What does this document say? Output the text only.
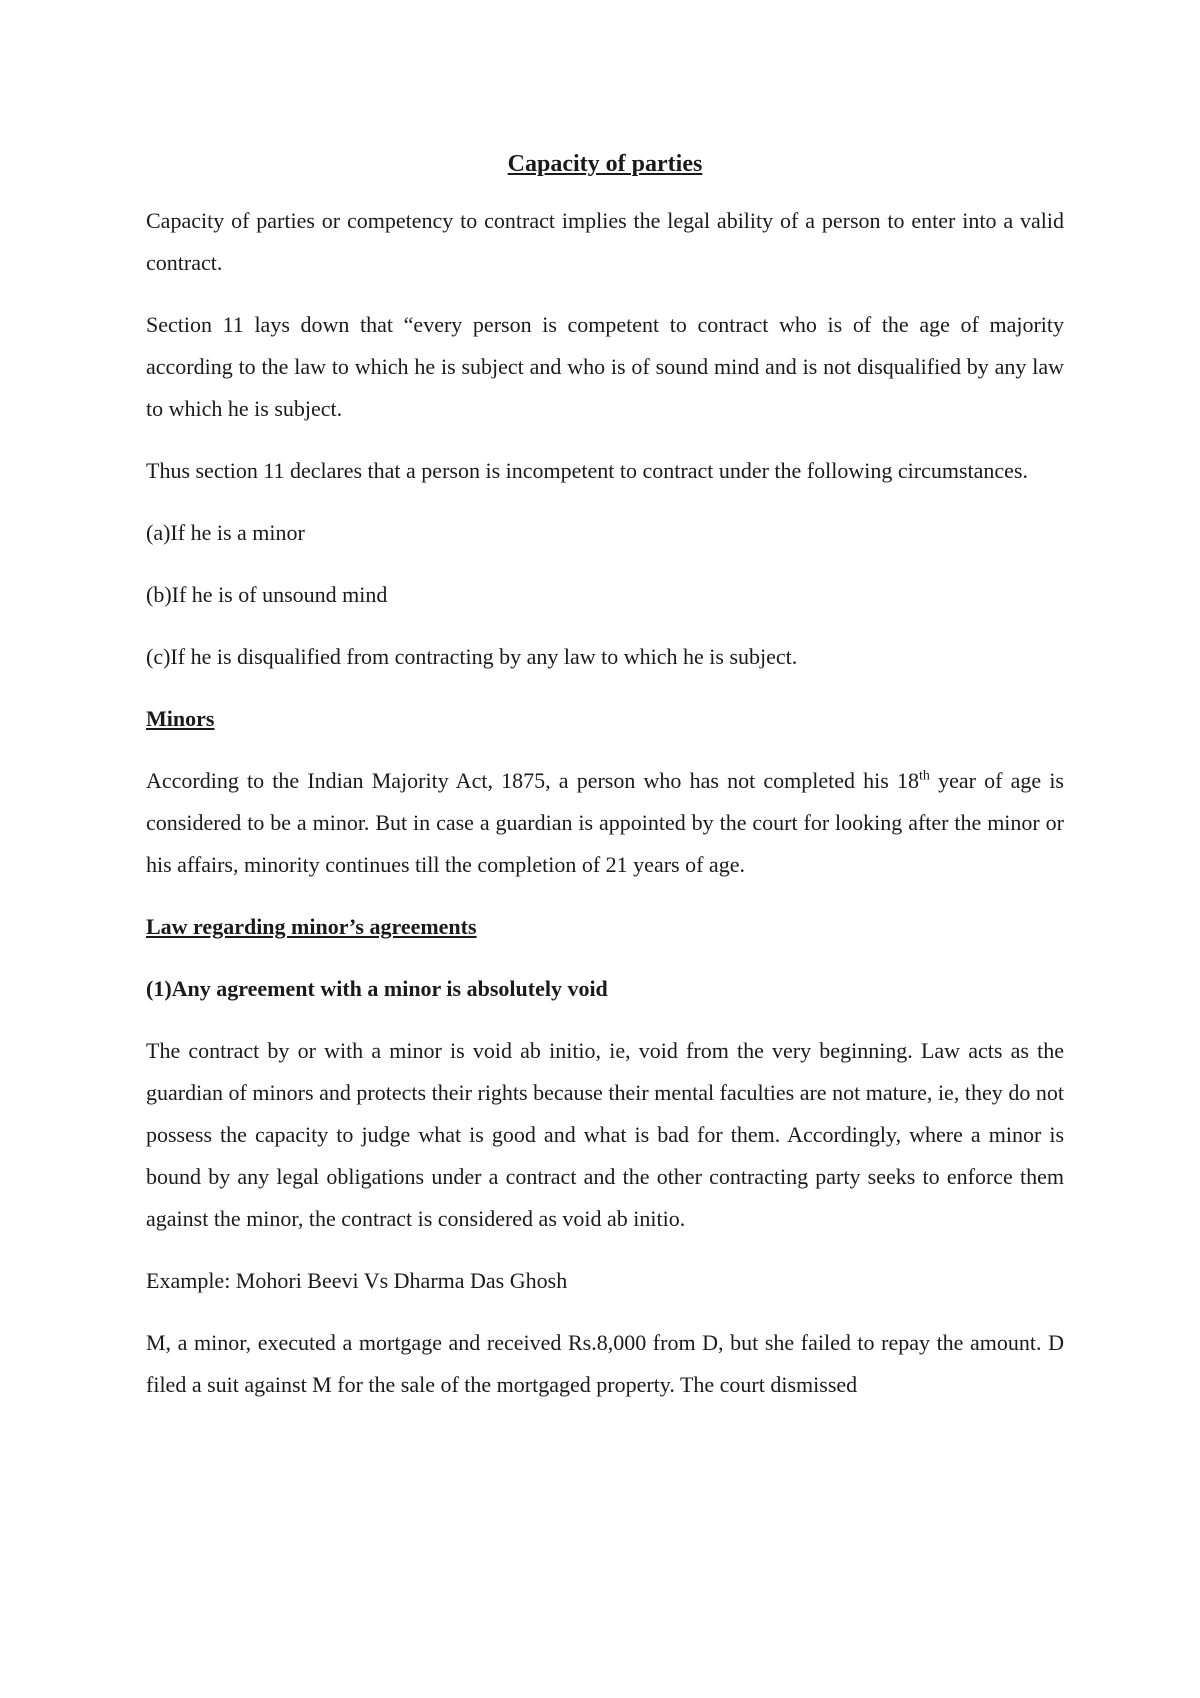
Capacity of parties

Capacity of parties or competency to contract implies the legal ability of a person to enter into a valid contract.

Section 11 lays down that “every person is competent to contract who is of the age of majority according to the law to which he is subject and who is of sound mind and is not disqualified by any law to which he is subject.

Thus section 11 declares that a person is incompetent to contract under the following circumstances.

(a)If he is a minor

(b)If he is of unsound mind

(c)If he is disqualified from contracting by any law to which he is subject.

Minors

According to the Indian Majority Act, 1875, a person who has not completed his 18th year of age is considered to be a minor. But in case a guardian is appointed by the court for looking after the minor or his affairs, minority continues till the completion of 21 years of age.

Law regarding minor’s agreements
(1)Any agreement with a minor is absolutely void

The contract by or with a minor is void ab initio, ie, void from the very beginning. Law acts as the guardian of minors and protects their rights because their mental faculties are not mature, ie, they do not possess the capacity to judge what is good and what is bad for them. Accordingly, where a minor is bound by any legal obligations under a contract and the other contracting party seeks to enforce them against the minor, the contract is considered as void ab initio.

Example: Mohori Beevi Vs Dharma Das Ghosh

M, a minor, executed a mortgage and received Rs.8,000 from D, but she failed to repay the amount. D filed a suit against M for the sale of the mortgaged property. The court dismissed
